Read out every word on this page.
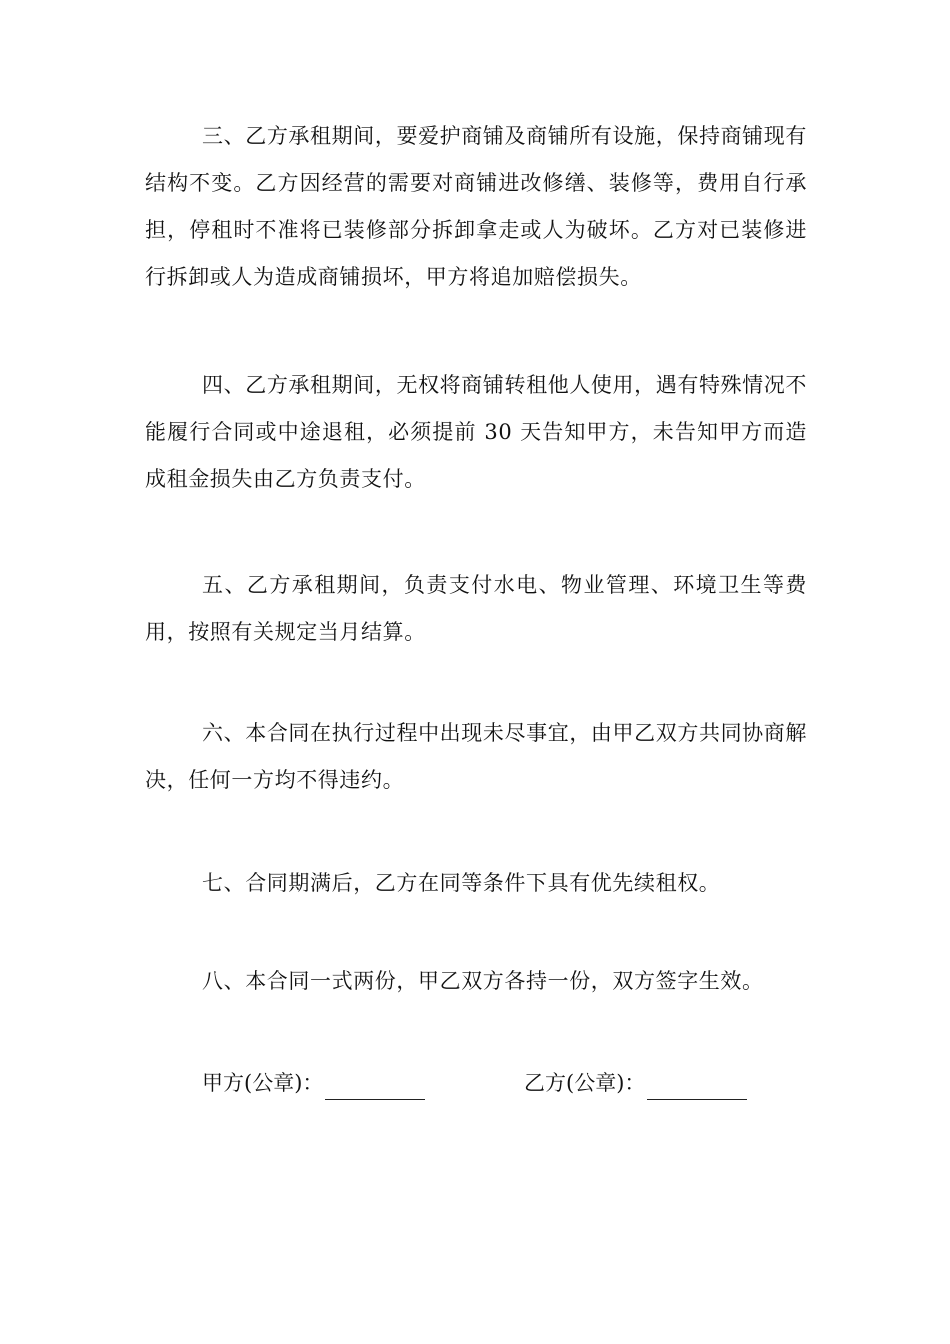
三、乙方承租期间，要爱护商铺及商铺所有设施，保持商铺现有结构不变。乙方因经营的需要对商铺进改修缮、装修等，费用自行承担，停租时不准将已装修部分拆卸拿走或人为破坏。乙方对已装修进行拆卸或人为造成商铺损坏，甲方将追加赔偿损失。

四、乙方承租期间，无权将商铺转租他人使用，遇有特殊情况不能履行合同或中途退租，必须提前 30 天告知甲方，未告知甲方而造成租金损失由乙方负责支付。

五、乙方承租期间，负责支付水电、物业管理、环境卫生等费用，按照有关规定当月结算。

六、本合同在执行过程中出现未尽事宜，由甲乙双方共同协商解决，任何一方均不得违约。

七、合同期满后，乙方在同等条件下具有优先续租权。

八、本合同一式两份，甲乙双方各持一份，双方签字生效。

甲方(公章)：	乙方(公章)：
